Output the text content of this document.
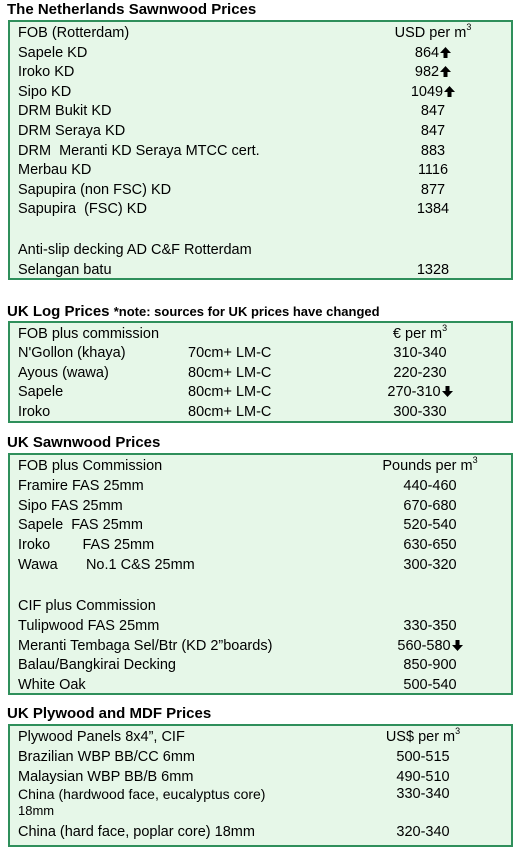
The Netherlands Sawnwood Prices
FOB (Rotterdam)	USD per $m^3$
Sapele KD	864
Iroko KD	982
Sipo KD	1049
DRM Bukit KD	847
DRM Seraya KD	847
DRM  Meranti KD Seraya MTCC cert.	883
Merbau KD	1116
Sapupira (non FSC) KD	877
Sapupira  (FSC) KD	1384
Anti-slip decking AD C&F Rotterdam
Selangan batu	1328
UK Log Prices *note: sources for UK prices have changed
FOB plus commission	€ per $m^3$
N'Gollon (khaya)	70cm+ LM-C	310-340
Ayous (wawa)	80cm+ LM-C	220-230
Sapele	80cm+ LM-C	270-310
Iroko	80cm+ LM-C	300-330
UK Sawnwood Prices
FOB plus Commission	Pounds per $m^3$
Framire FAS 25mm	440-460
Sipo FAS 25mm	670-680
Sapele  FAS 25mm	520-540
Iroko        FAS 25mm	630-650
Wawa       No.1 C&S 25mm	300-320
CIF plus Commission
Tulipwood FAS 25mm	330-350
Meranti Tembaga Sel/Btr (KD 2”boards)	560-580
Balau/Bangkirai Decking	850-900
White Oak	500-540
UK Plywood and MDF Prices
Plywood Panels 8x4”, CIF	US$ per $m^3$
Brazilian WBP BB/CC 6mm	500-515
Malaysian WBP BB/B 6mm	490-510
China (hardwood face, eucalyptus core)	330-340
18mm
China (hard face, poplar core) 18mm	320-340
